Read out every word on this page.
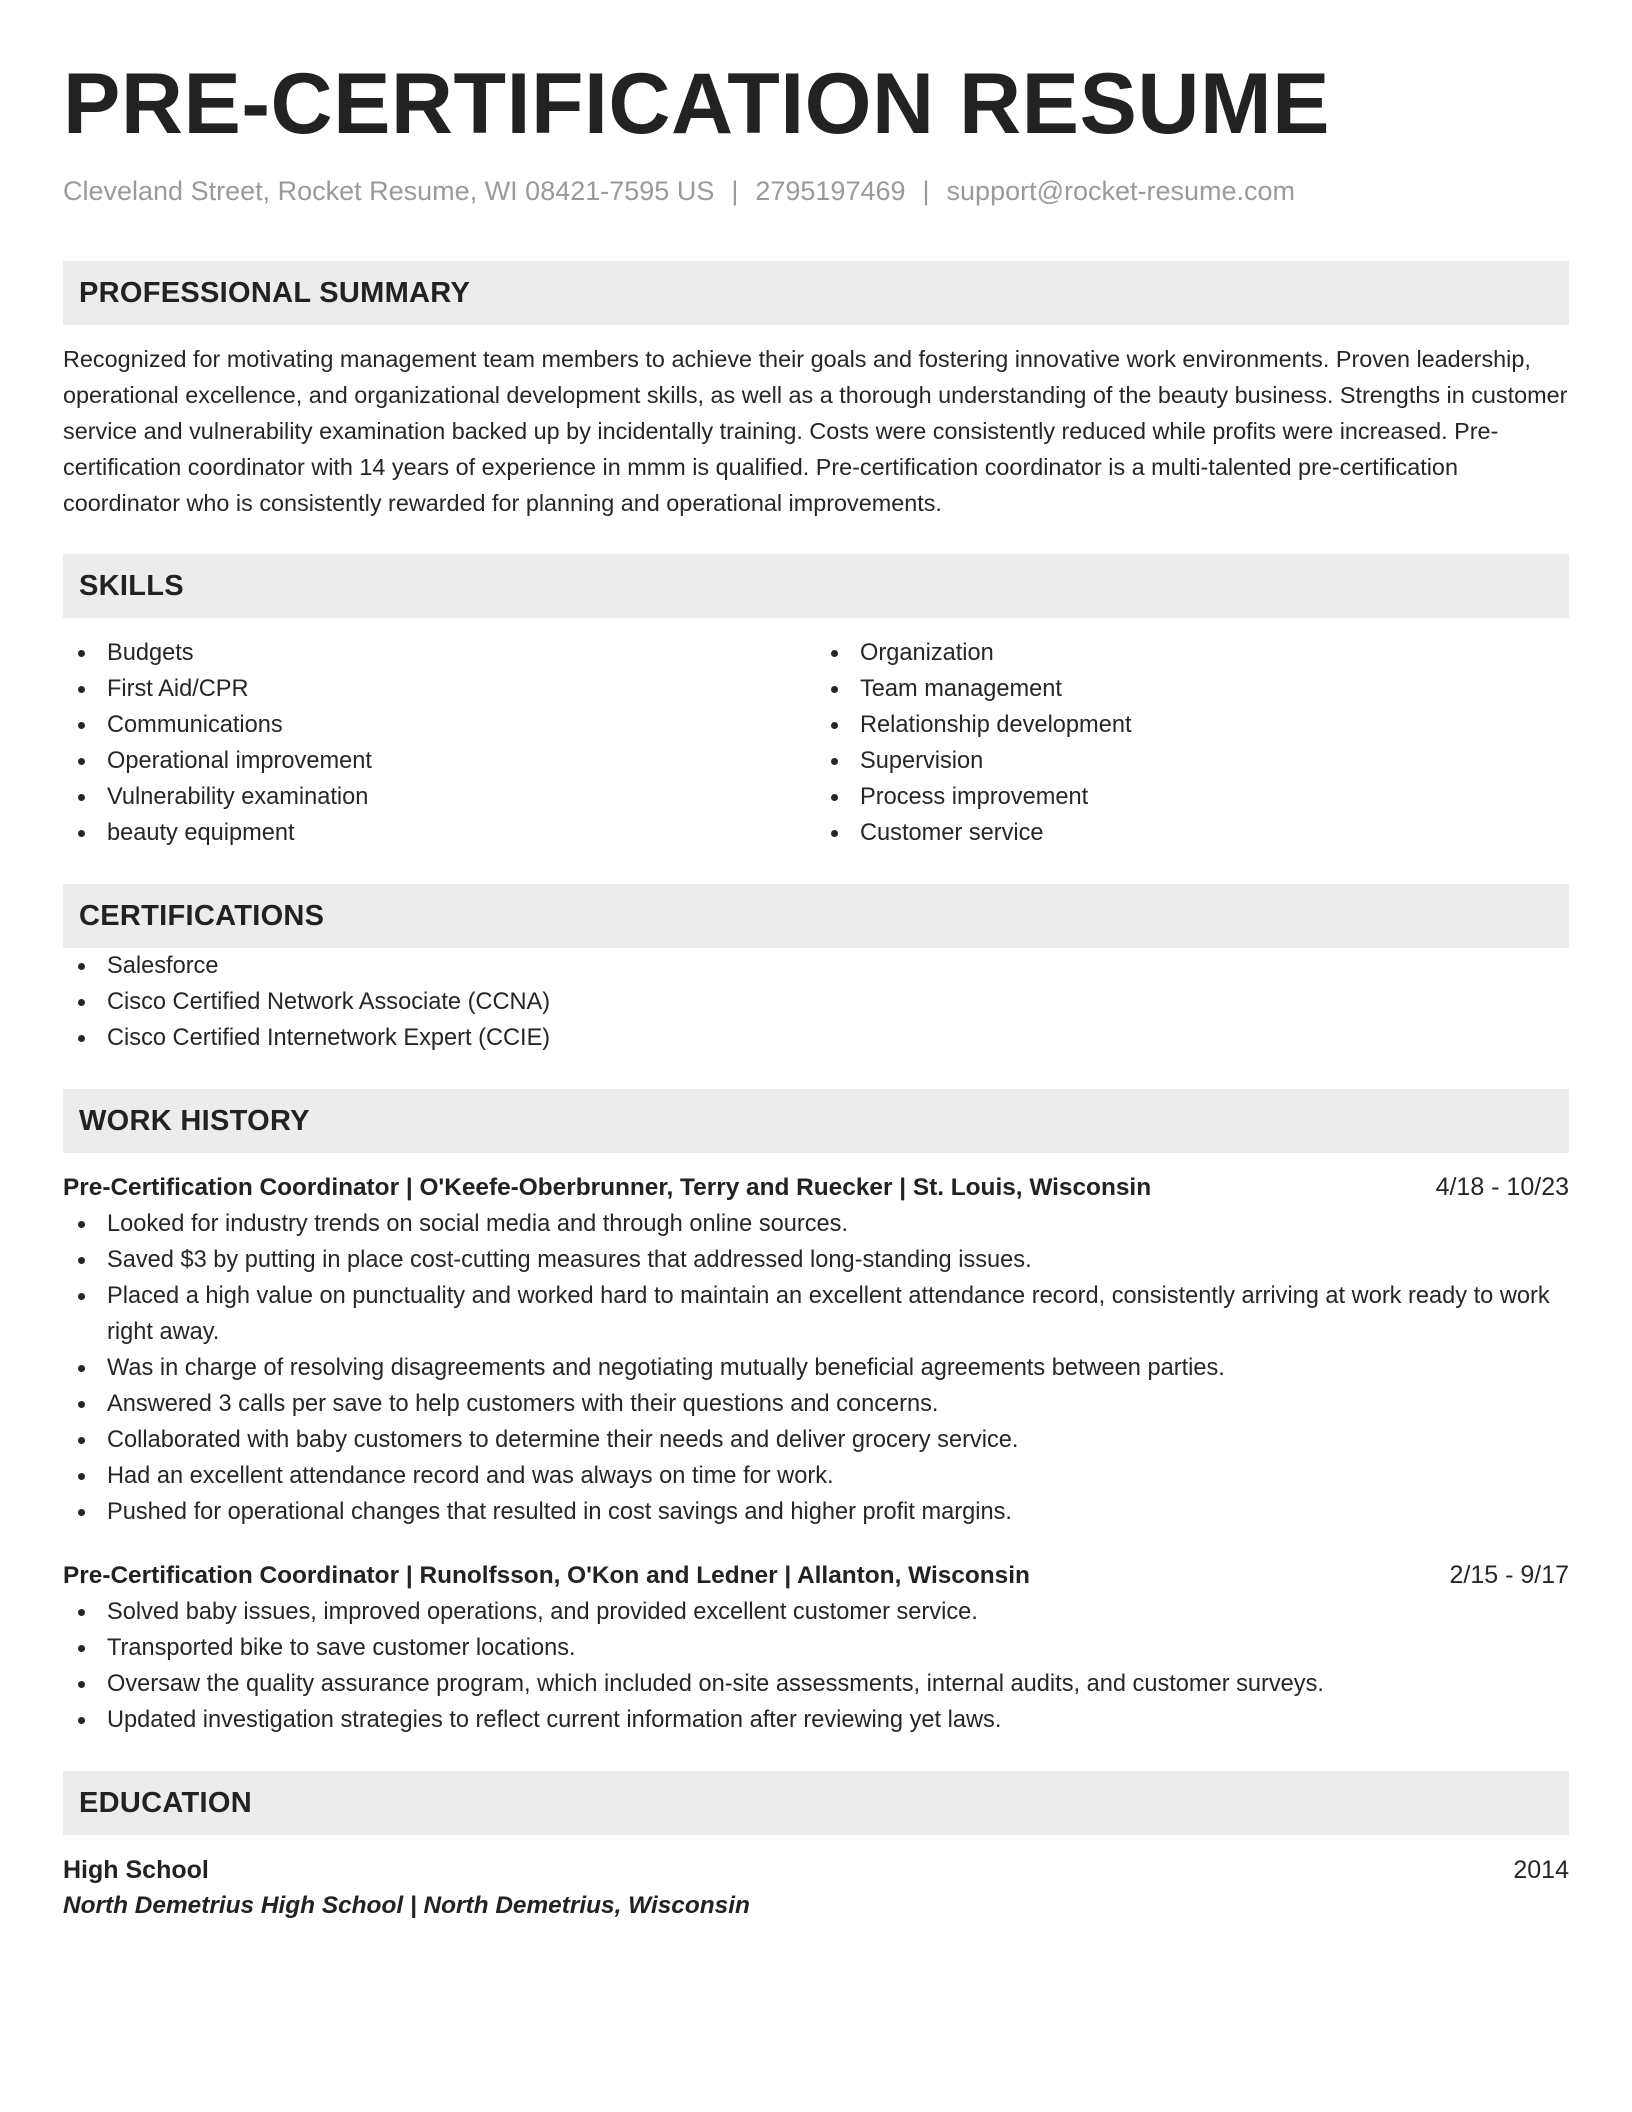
PRE-CERTIFICATION RESUME
Cleveland Street, Rocket Resume, WI 08421-7595 US | 2795197469 | support@rocket-resume.com
PROFESSIONAL SUMMARY

Recognized for motivating management team members to achieve their goals and fostering innovative work environments. Proven leadership, operational excellence, and organizational development skills, as well as a thorough understanding of the beauty business. Strengths in customer service and vulnerability examination backed up by incidentally training. Costs were consistently reduced while profits were increased. Pre-certification coordinator with 14 years of experience in mmm is qualified. Pre-certification coordinator is a multi-talented pre-certification coordinator who is consistently rewarded for planning and operational improvements.

SKILLS
Budgets
First Aid/CPR
Communications
Operational improvement
Vulnerability examination
beauty equipment
Organization
Team management
Relationship development
Supervision
Process improvement
Customer service
CERTIFICATIONS
Salesforce
Cisco Certified Network Associate (CCNA)
Cisco Certified Internetwork Expert (CCIE)
WORK HISTORY
Pre-Certification Coordinator | O'Keefe-Oberbrunner, Terry and Ruecker | St. Louis, Wisconsin	4/18 - 10/23
Looked for industry trends on social media and through online sources.
Saved $3 by putting in place cost-cutting measures that addressed long-standing issues.
Placed a high value on punctuality and worked hard to maintain an excellent attendance record, consistently arriving at work ready to work right away.
Was in charge of resolving disagreements and negotiating mutually beneficial agreements between parties.
Answered 3 calls per save to help customers with their questions and concerns.
Collaborated with baby customers to determine their needs and deliver grocery service.
Had an excellent attendance record and was always on time for work.
Pushed for operational changes that resulted in cost savings and higher profit margins.
Pre-Certification Coordinator | Runolfsson, O'Kon and Ledner | Allanton, Wisconsin	2/15 - 9/17
Solved baby issues, improved operations, and provided excellent customer service.
Transported bike to save customer locations.
Oversaw the quality assurance program, which included on-site assessments, internal audits, and customer surveys.
Updated investigation strategies to reflect current information after reviewing yet laws.
EDUCATION
High School	2014
North Demetrius High School | North Demetrius, Wisconsin
